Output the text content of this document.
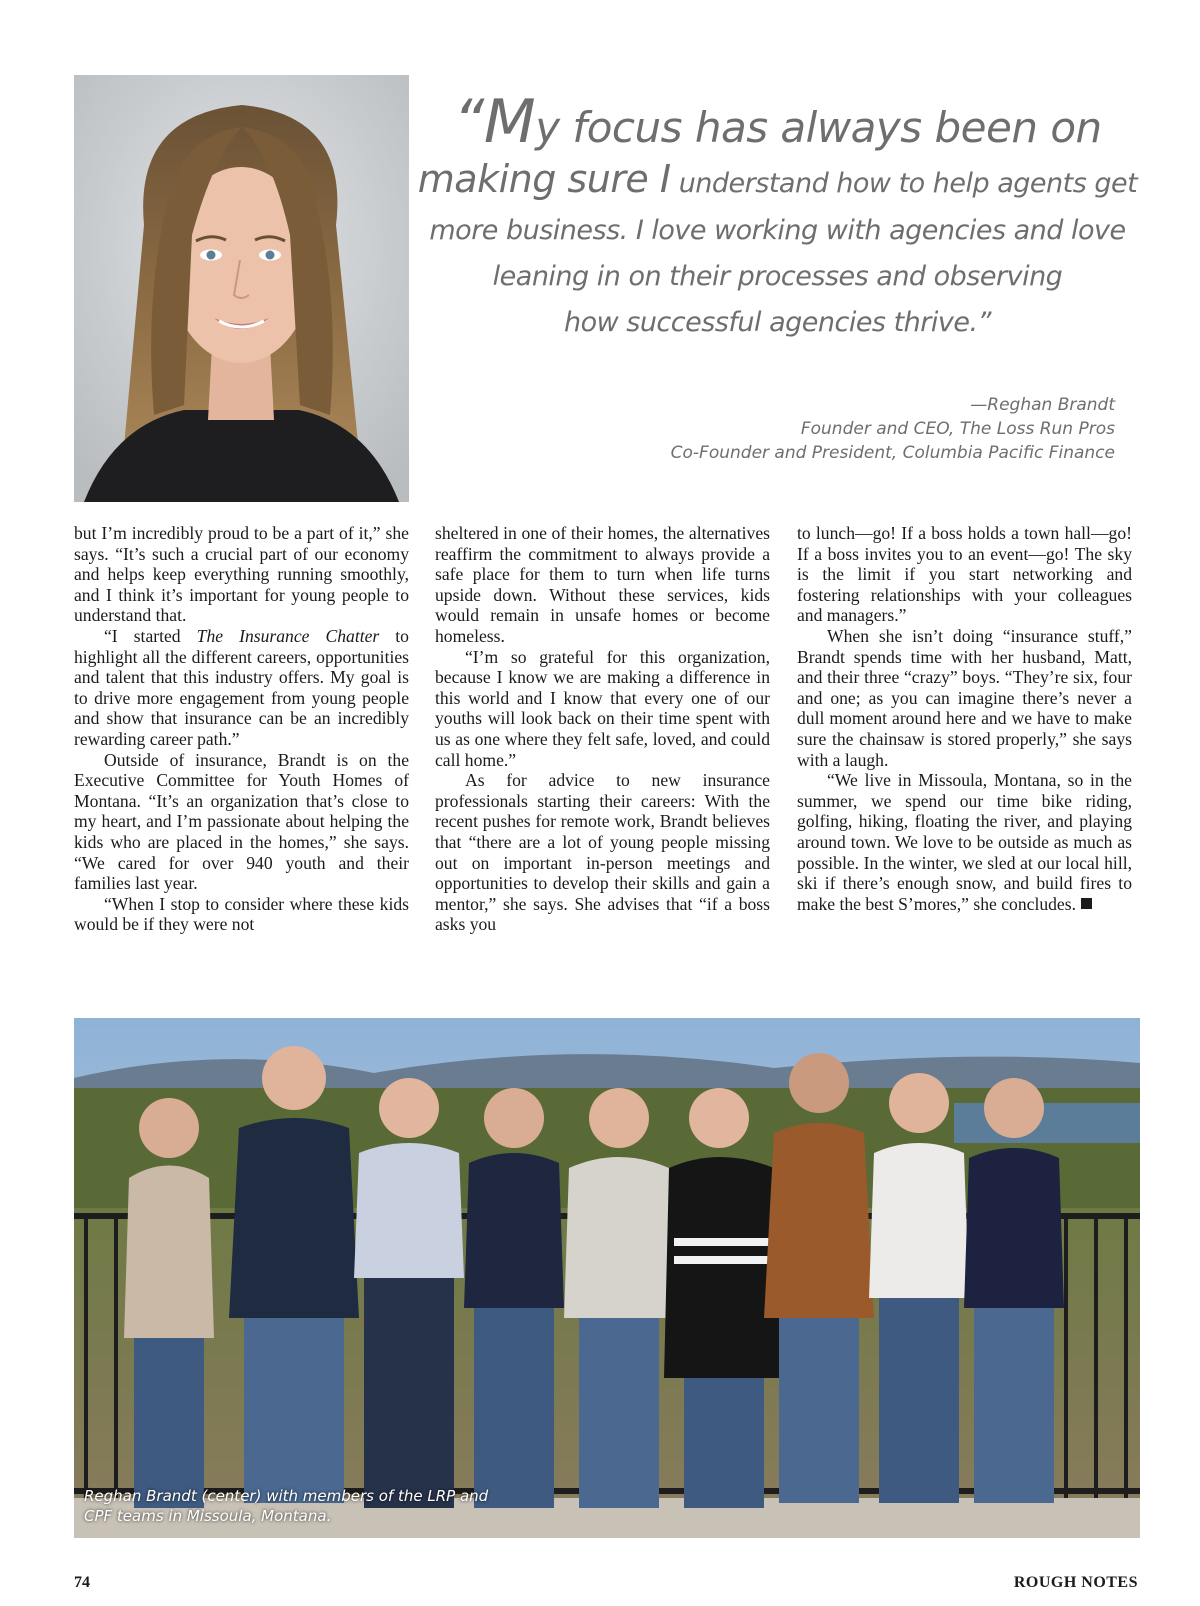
“My focus has always been on
making sure I understand how to help agents get
more business. I love working with agencies and love
leaning in on their processes and observing
how successful agencies thrive.”
—Reghan Brandt
Founder and CEO, The Loss Run Pros
Co-Founder and President, Columbia Pacific Finance

but I’m incredibly proud to be a part of it,” she says. “It’s such a crucial part of our economy and helps keep everything running smoothly, and I think it’s important for young people to understand that.

“I started The Insurance Chatter to highlight all the different careers, opportunities and talent that this industry offers. My goal is to drive more engagement from young people and show that insurance can be an incredibly rewarding career path.”

Outside of insurance, Brandt is on the Executive Committee for Youth Homes of Montana. “It’s an organization that’s close to my heart, and I’m passionate about helping the kids who are placed in the homes,” she says. “We cared for over 940 youth and their families last year.

“When I stop to consider where these kids would be if they were not

sheltered in one of their homes, the alternatives reaffirm the commitment to always provide a safe place for them to turn when life turns upside down. Without these services, kids would remain in unsafe homes or become homeless.

“I’m so grateful for this organization, because I know we are making a difference in this world and I know that every one of our youths will look back on their time spent with us as one where they felt safe, loved, and could call home.”

As for advice to new insurance professionals starting their careers: With the recent pushes for remote work, Brandt believes that “there are a lot of young people missing out on important in-person meetings and opportunities to develop their skills and gain a mentor,” she says. She advises that “if a boss asks you

to lunch—go! If a boss holds a town hall—go! If a boss invites you to an event—go! The sky is the limit if you start networking and fostering relationships with your colleagues and managers.”

When she isn’t doing “insurance stuff,” Brandt spends time with her husband, Matt, and their three “crazy” boys. “They’re six, four and one; as you can imagine there’s never a dull moment around here and we have to make sure the chainsaw is stored properly,” she says with a laugh.

“We live in Missoula, Montana, so in the summer, we spend our time bike riding, golfing, hiking, floating the river, and playing around town. We love to be outside as much as possible. In the winter, we sled at our local hill, ski if there’s enough snow, and build fires to make the best S’mores,” she concludes.

Reghan Brandt (center) with members of the LRP and CPF teams in Missoula, Montana.
74	ROUGH NOTES
